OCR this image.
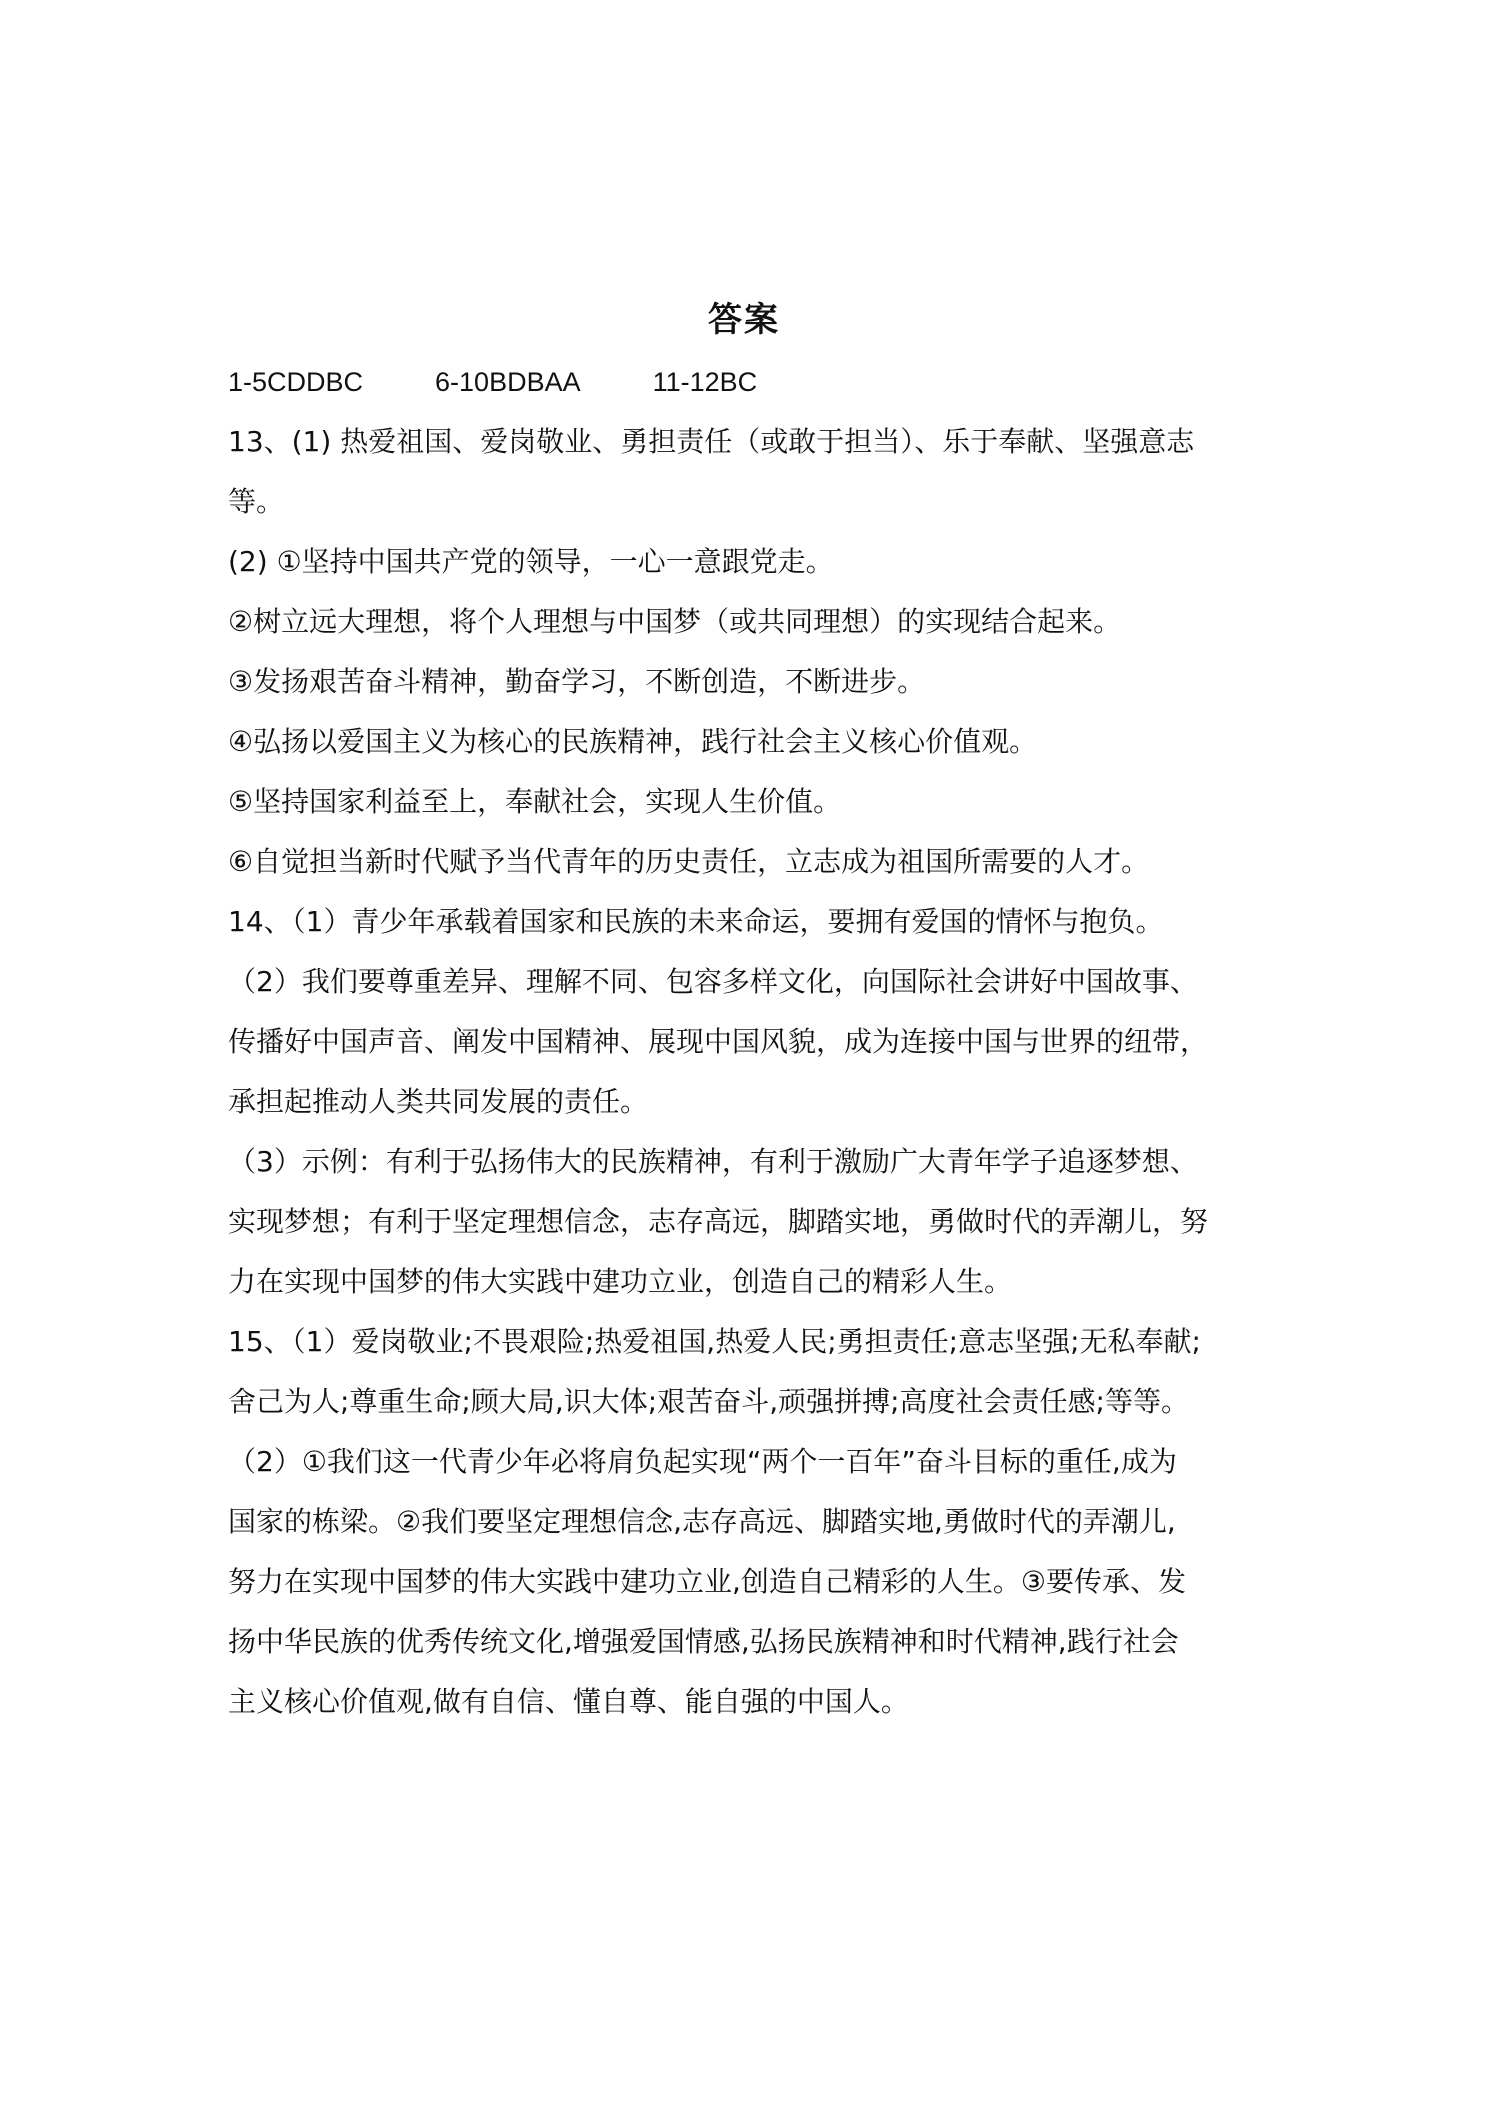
答案
1-5CDDBC	6-10BDBAA	11-12BC
13、(1) 热爱祖国、爱岗敬业、勇担责任（或敢于担当）、乐于奉献、坚强意志
等。
(2) ①坚持中国共产党的领导，一心一意跟党走。
②树立远大理想，将个人理想与中国梦（或共同理想）的实现结合起来。
③发扬艰苦奋斗精神，勤奋学习，不断创造，不断进步。
④弘扬以爱国主义为核心的民族精神，践行社会主义核心价值观。
⑤坚持国家利益至上，奉献社会，实现人生价值。
⑥自觉担当新时代赋予当代青年的历史责任，立志成为祖国所需要的人才。
14、（1）青少年承载着国家和民族的未来命运，要拥有爱国的情怀与抱负。
（2）我们要尊重差异、理解不同、包容多样文化，向国际社会讲好中国故事、
传播好中国声音、阐发中国精神、展现中国风貌，成为连接中国与世界的纽带，
承担起推动人类共同发展的责任。
（3）示例：有利于弘扬伟大的民族精神，有利于激励广大青年学子追逐梦想、
实现梦想；有利于坚定理想信念，志存高远，脚踏实地，勇做时代的弄潮儿，努
力在实现中国梦的伟大实践中建功立业，创造自己的精彩人生。
15、（1）爱岗敬业;不畏艰险;热爱祖国,热爱人民;勇担责任;意志坚强;无私奉献;
舍己为人;尊重生命;顾大局,识大体;艰苦奋斗,顽强拼搏;高度社会责任感;等等。
（2）①我们这一代青少年必将肩负起实现“两个一百年”奋斗目标的重任,成为
国家的栋梁。②我们要坚定理想信念,志存高远、脚踏实地,勇做时代的弄潮儿,
努力在实现中国梦的伟大实践中建功立业,创造自己精彩的人生。③要传承、发
扬中华民族的优秀传统文化,增强爱国情感,弘扬民族精神和时代精神,践行社会
主义核心价值观,做有自信、懂自尊、能自强的中国人。
